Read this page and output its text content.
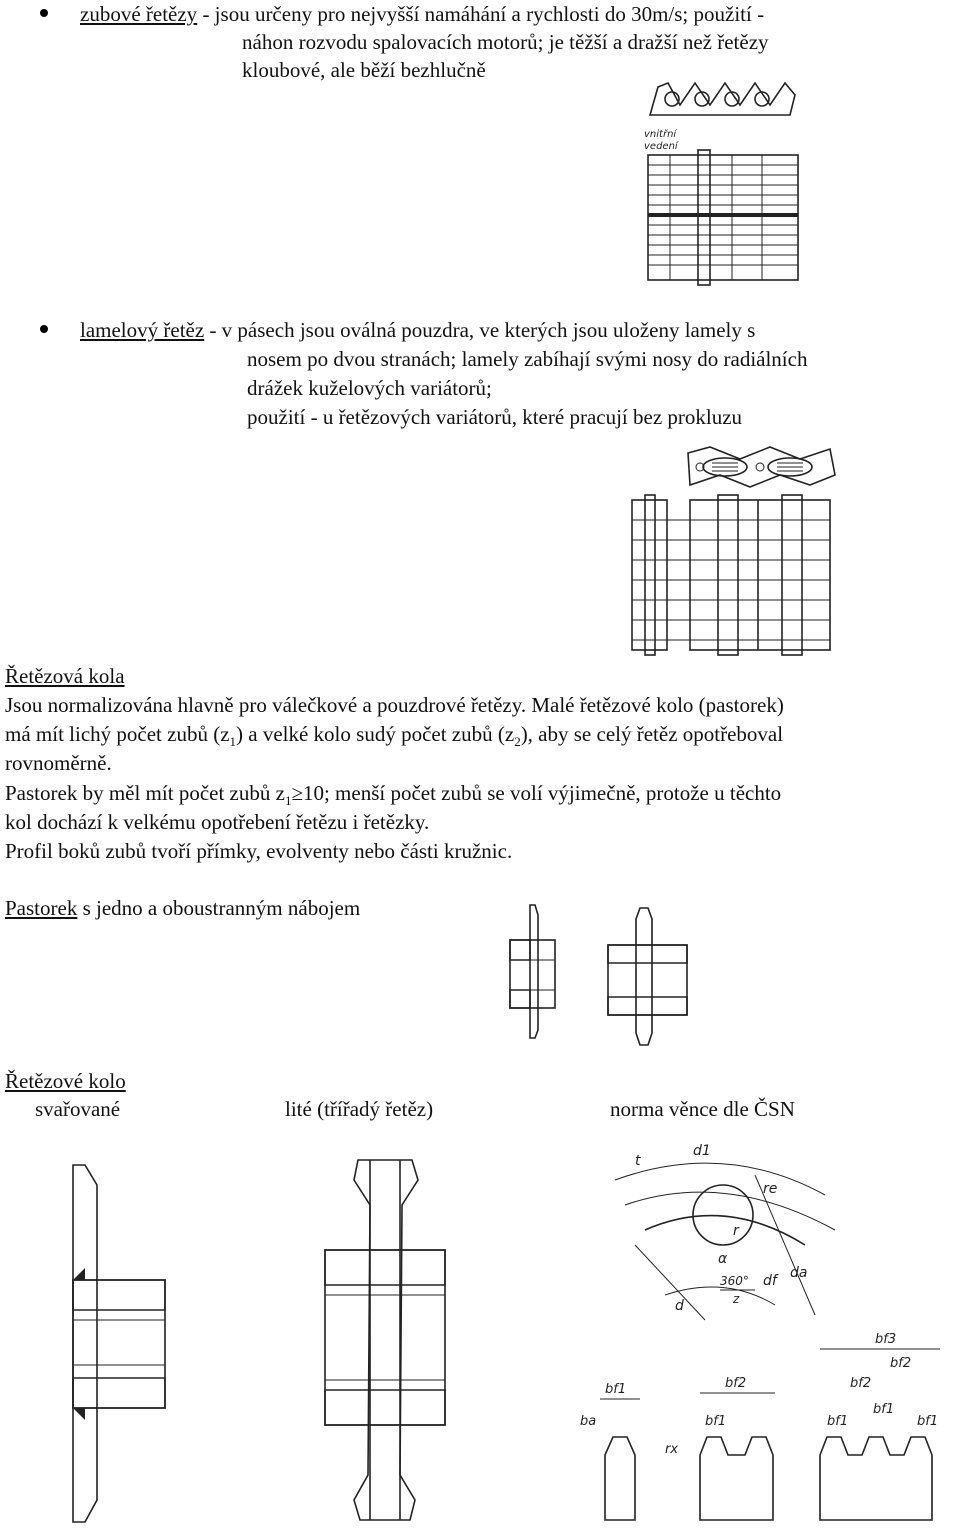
zubové řetězy - jsou určeny pro nejvyšší namáhání a rychlosti do 30m/s; použití -
náhon rozvodu spalovacích motorů; je těžší a dražší než řetězy
kloubové, ale běží bezhlučně
vnitřní
vedení
lamelový řetěz - v pásech jsou oválná pouzdra, ve kterých jsou uloženy lamely s
nosem po dvou stranách; lamely zabíhají svými nosy do radiálních
drážek kuželových variátorů;
použití - u řetězových variátorů, které pracují bez prokluzu
Řetězová kola
Jsou normalizována hlavně pro válečkové a pouzdrové řetězy. Malé řetězové kolo (pastorek)
má mít lichý počet zubů $(z_1)$ a velké kolo sudý počet zubů $(z_2)$, aby se celý řetěz opotřeboval
rovnoměrně.
Pastorek by měl mít počet zubů $z_1\ge 10$; menší počet zubů se volí výjimečně, protože u těchto
kol dochází k velkému opotřebení řetězu i řetězky.
Profil boků zubů tvoří přímky, evolventy nebo části kružnic.
Pastorek s jedno a oboustranným nábojem
Řetězové kolo
svařované	lité (třířadý řetěz)	norma věnce dle ČSN
t
d1
re
r
α
360°
z
d
df da
bf1
ba
bf2
bf1
rx
bf3
bf2
bf2
bf1
bf1
bf1
